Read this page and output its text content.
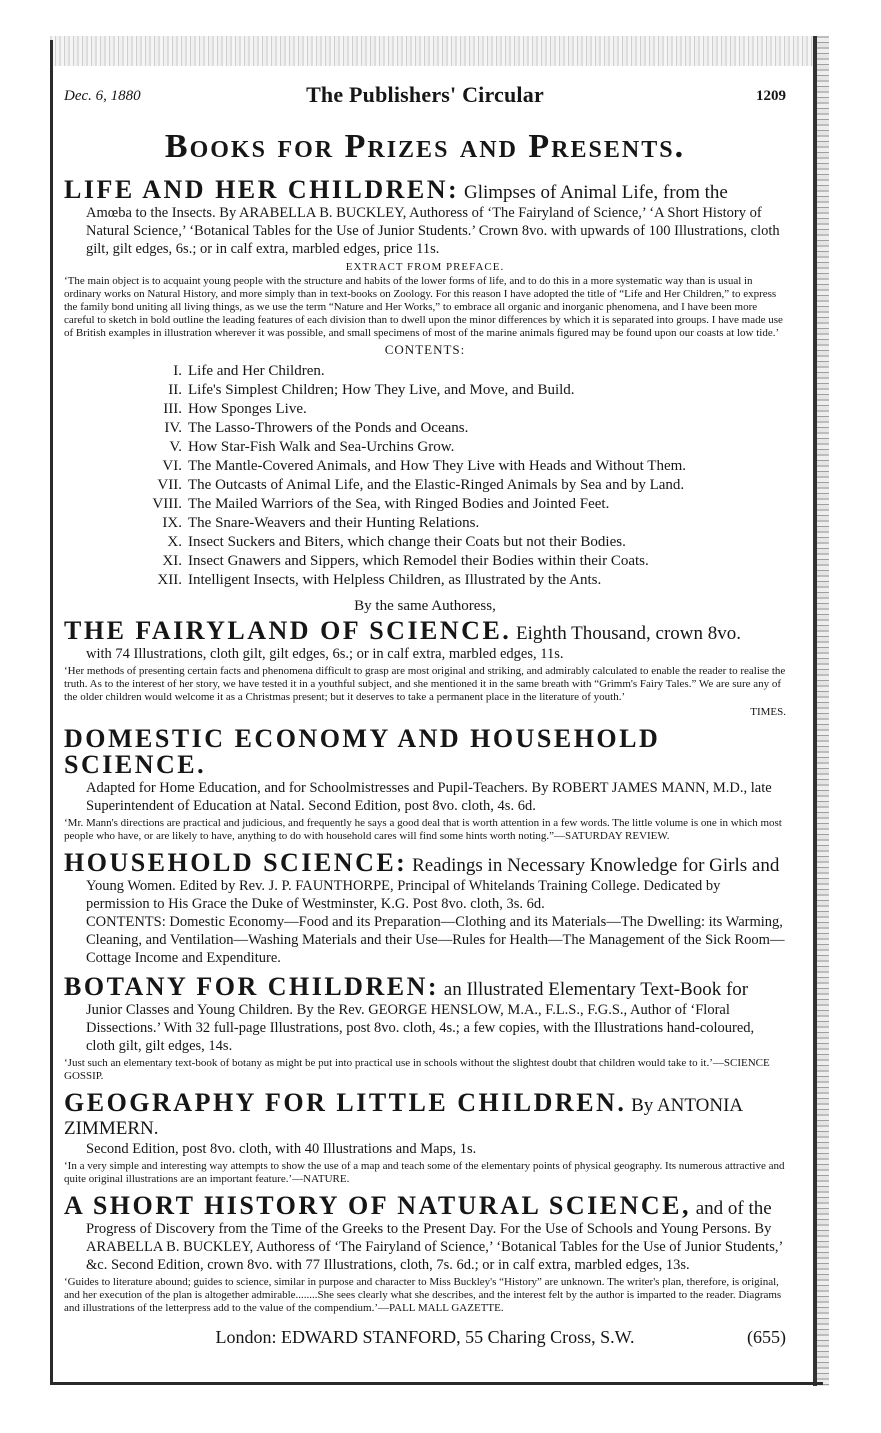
Dec. 6, 1880	The Publishers' Circular	1209
Books for Prizes and Presents.

LIFE AND HER CHILDREN: Glimpses of Animal Life, from the

Amœba to the Insects. By ARABELLA B. BUCKLEY, Authoress of ‘The Fairyland of Science,’ ‘A Short History of Natural Science,’ ‘Botanical Tables for the Use of Junior Students.’ Crown 8vo. with upwards of 100 Illustrations, cloth gilt, gilt edges, 6s.; or in calf extra, marbled edges, price 11s.

EXTRACT FROM PREFACE.

‘The main object is to acquaint young people with the structure and habits of the lower forms of life, and to do this in a more systematic way than is usual in ordinary works on Natural History, and more simply than in text-books on Zoology. For this reason I have adopted the title of “Life and Her Children,” to express the family bond uniting all living things, as we use the term “Nature and Her Works,” to embrace all organic and inorganic phenomena, and I have been more careful to sketch in bold outline the leading features of each division than to dwell upon the minor differences by which it is separated into groups. I have made use of British examples in illustration wherever it was possible, and small specimens of most of the marine animals figured may be found upon our coasts at low tide.’

CONTENTS:
I. Life and Her Children.
II. Life's Simplest Children; How They Live, and Move, and Build.
III. How Sponges Live.
IV. The Lasso-Throwers of the Ponds and Oceans.
V. How Star-Fish Walk and Sea-Urchins Grow.
VI. The Mantle-Covered Animals, and How They Live with Heads and Without Them.
VII. The Outcasts of Animal Life, and the Elastic-Ringed Animals by Sea and by Land.
VIII. The Mailed Warriors of the Sea, with Ringed Bodies and Jointed Feet.
IX. The Snare-Weavers and their Hunting Relations.
X. Insect Suckers and Biters, which change their Coats but not their Bodies.
XI. Insect Gnawers and Sippers, which Remodel their Bodies within their Coats.
XII. Intelligent Insects, with Helpless Children, as Illustrated by the Ants.
By the same Authoress,

THE FAIRYLAND OF SCIENCE. Eighth Thousand, crown 8vo.

with 74 Illustrations, cloth gilt, gilt edges, 6s.; or in calf extra, marbled edges, 11s.

‘Her methods of presenting certain facts and phenomena difficult to grasp are most original and striking, and admirably calculated to enable the reader to realise the truth. As to the interest of her story, we have tested it in a youthful subject, and she mentioned it in the same breath with “Grimm's Fairy Tales.” We are sure any of the older children would welcome it as a Christmas present; but it deserves to take a permanent place in the literature of youth.’

TIMES.

DOMESTIC ECONOMY AND HOUSEHOLD SCIENCE.

Adapted for Home Education, and for Schoolmistresses and Pupil-Teachers. By ROBERT JAMES MANN, M.D., late Superintendent of Education at Natal. Second Edition, post 8vo. cloth, 4s. 6d.

‘Mr. Mann's directions are practical and judicious, and frequently he says a good deal that is worth attention in a few words. The little volume is one in which most people who have, or are likely to have, anything to do with household cares will find some hints worth noting.”—SATURDAY REVIEW.

HOUSEHOLD SCIENCE: Readings in Necessary Knowledge for Girls and

Young Women. Edited by Rev. J. P. FAUNTHORPE, Principal of Whitelands Training College. Dedicated by permission to His Grace the Duke of Westminster, K.G. Post 8vo. cloth, 3s. 6d.

CONTENTS: Domestic Economy—Food and its Preparation—Clothing and its Materials—The Dwelling: its Warming, Cleaning, and Ventilation—Washing Materials and their Use—Rules for Health—The Management of the Sick Room—Cottage Income and Expenditure.

BOTANY FOR CHILDREN: an Illustrated Elementary Text-Book for

Junior Classes and Young Children. By the Rev. GEORGE HENSLOW, M.A., F.L.S., F.G.S., Author of ‘Floral Dissections.’ With 32 full-page Illustrations, post 8vo. cloth, 4s.; a few copies, with the Illustrations hand-coloured, cloth gilt, gilt edges, 14s.

‘Just such an elementary text-book of botany as might be put into practical use in schools without the slightest doubt that children would take to it.’—SCIENCE GOSSIP.

GEOGRAPHY FOR LITTLE CHILDREN. By ANTONIA ZIMMERN.

Second Edition, post 8vo. cloth, with 40 Illustrations and Maps, 1s.

‘In a very simple and interesting way attempts to show the use of a map and teach some of the elementary points of physical geography. Its numerous attractive and quite original illustrations are an important feature.’—NATURE.

A SHORT HISTORY OF NATURAL SCIENCE, and of the

Progress of Discovery from the Time of the Greeks to the Present Day. For the Use of Schools and Young Persons. By ARABELLA B. BUCKLEY, Authoress of ‘The Fairyland of Science,’ ‘Botanical Tables for the Use of Junior Students,’ &c. Second Edition, crown 8vo. with 77 Illustrations, cloth, 7s. 6d.; or in calf extra, marbled edges, 13s.

‘Guides to literature abound; guides to science, similar in purpose and character to Miss Buckley's “History” are unknown. The writer's plan, therefore, is original, and her execution of the plan is altogether admirable........She sees clearly what she describes, and the interest felt by the author is imparted to the reader. Diagrams and illustrations of the letterpress add to the value of the compendium.’—PALL MALL GAZETTE.

London: EDWARD STANFORD, 55 Charing Cross, S.W.	(655)
